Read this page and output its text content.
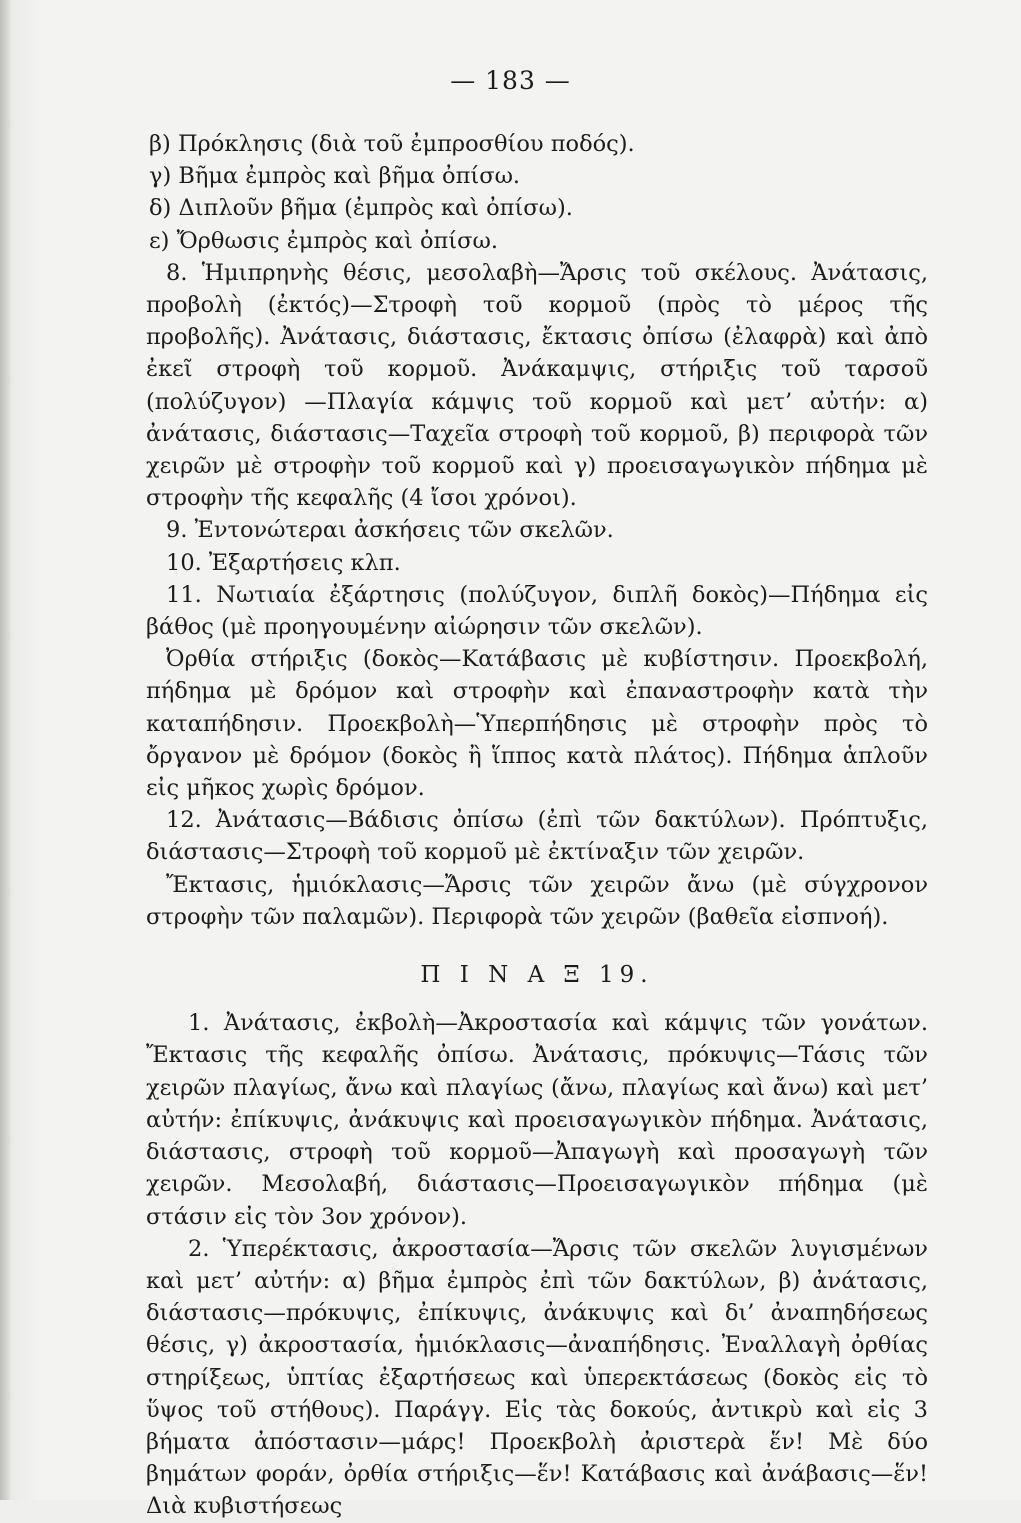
— 183 —

β) Πρόκλησις (διὰ τοῦ ἐμπροσθίου ποδός).

γ) Βῆμα ἐμπρὸς καὶ βῆμα ὀπίσω.

δ) Διπλοῦν βῆμα (ἐμπρὸς καὶ ὀπίσω).

ε) Ὄρθωσις ἐμπρὸς καὶ ὀπίσω.

8. Ἡμιπρηνὴς θέσις, μεσολαβὴ—Ἄρσις τοῦ σκέλους. Ἀνάτασις, προβολὴ (ἐκτός)—Στροφὴ τοῦ κορμοῦ (πρὸς τὸ μέρος τῆς προβολῆς). Ἀνάτασις, διάστασις, ἔκτασις ὀπίσω (ἐλαφρὰ) καὶ ἀπὸ ἐκεῖ στροφὴ τοῦ κορμοῦ. Ἀνάκαμψις, στήριξις τοῦ ταρσοῦ (πολύζυγον) —Πλαγία κάμψις τοῦ κορμοῦ καὶ μετ’ αὐτήν: α) ἀνάτασις, διάστασις—Ταχεῖα στροφὴ τοῦ κορμοῦ, β) περιφορὰ τῶν χειρῶν μὲ στροφὴν τοῦ κορμοῦ καὶ γ) προεισαγωγικὸν πήδημα μὲ στροφὴν τῆς κεφαλῆς (4 ἴσοι χρόνοι).

9. Ἐντονώτεραι ἀσκήσεις τῶν σκελῶν.

10. Ἐξαρτήσεις κλπ.

11. Νωτιαία ἐξάρτησις (πολύζυγον, διπλῆ δοκὸς)—Πήδημα εἰς βάθος (μὲ προηγουμένην αἰώρησιν τῶν σκελῶν).

Ὀρθία στήριξις (δοκὸς—Κατάβασις μὲ κυβίστησιν. Προεκβολή, πήδημα μὲ δρόμον καὶ στροφὴν καὶ ἐπαναστροφὴν κατὰ τὴν καταπήδησιν. Προεκβολὴ—Ὑπερπήδησις μὲ στροφὴν πρὸς τὸ ὄργανον μὲ δρόμον (δοκὸς ἢ ἵππος κατὰ πλάτος). Πήδημα ἁπλοῦν εἰς μῆκος χωρὶς δρόμον.

12. Ἀνάτασις—Βάδισις ὀπίσω (ἐπὶ τῶν δακτύλων). Πρόπτυξις, διάστασις—Στροφὴ τοῦ κορμοῦ μὲ ἐκτίναξιν τῶν χειρῶν.

Ἔκτασις, ἡμιόκλασις—Ἄρσις τῶν χειρῶν ἄνω (μὲ σύγχρονον στροφὴν τῶν παλαμῶν). Περιφορὰ τῶν χειρῶν (βαθεῖα εἰσπνοή).

Π Ι Ν Α Ξ 19.

1. Ἀνάτασις, ἐκβολὴ—Ἀκροστασία καὶ κάμψις τῶν γονάτων. Ἔκτασις τῆς κεφαλῆς ὀπίσω. Ἀνάτασις, πρόκυψις—Τάσις τῶν χειρῶν πλαγίως, ἄνω καὶ πλαγίως (ἄνω, πλαγίως καὶ ἄνω) καὶ μετ’ αὐτήν: ἐπίκυψις, ἀνάκυψις καὶ προεισαγωγικὸν πήδημα. Ἀνάτασις, διάστασις, στροφὴ τοῦ κορμοῦ—Ἀπαγωγὴ καὶ προσαγωγὴ τῶν χειρῶν. Μεσολαβή, διάστασις—Προεισαγωγικὸν πήδημα (μὲ στάσιν εἰς τὸν 3ον χρόνον).

2. Ὑπερέκτασις, ἀκροστασία—Ἄρσις τῶν σκελῶν λυγισμένων καὶ μετ’ αὐτήν: α) βῆμα ἐμπρὸς ἐπὶ τῶν δακτύλων, β) ἀνάτασις, διάστασις—πρόκυψις, ἐπίκυψις, ἀνάκυψις καὶ δι’ ἀναπηδήσεως θέσις, γ) ἀκροστασία, ἡμιόκλασις—ἀναπήδησις. Ἐναλλαγὴ ὀρθίας στηρίξεως, ὑπτίας ἐξαρτήσεως καὶ ὑπερεκτάσεως (δοκὸς εἰς τὸ ὕψος τοῦ στήθους). Παράγγ. Εἰς τὰς δοκούς, ἀντικρὺ καὶ εἰς 3 βήματα ἀπόστασιν—μάρς! Προεκβολὴ ἀριστερὰ ἕν! Μὲ δύο βημάτων φοράν, ὀρθία στήριξις—ἕν! Κατάβασις καὶ ἀνάβασις—ἕν! Διὰ κυβιστήσεως
